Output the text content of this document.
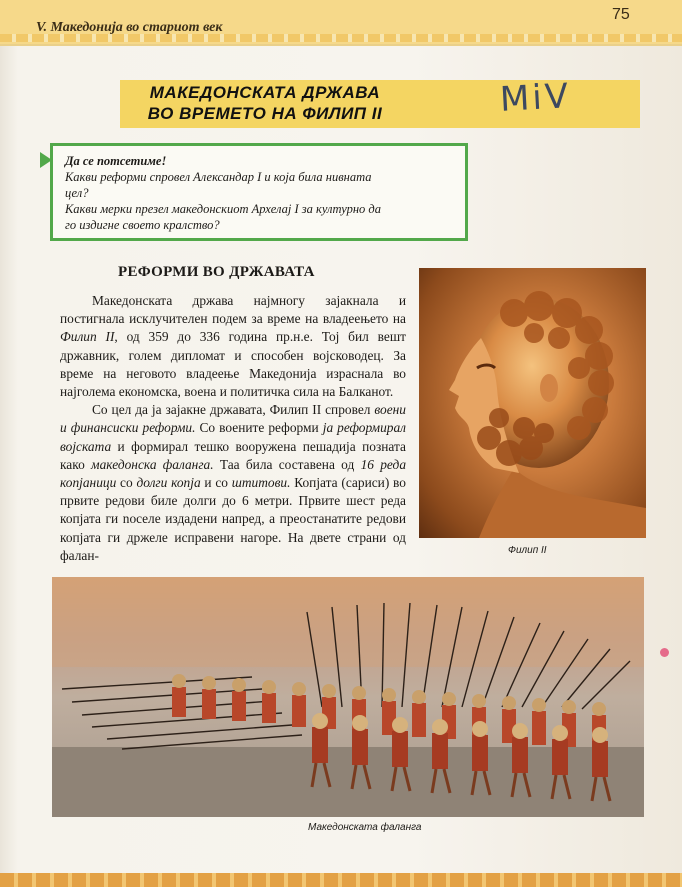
V. Македонија во стариот век
75
МАКЕДОНСКАТА ДРЖАВА
ВО ВРЕМЕТО НА ФИЛИП II	MiV
Да се потсетиме!
Какви реформи спровел Александар I и која била нивната
цел?
Какви мерки презел македонскиот Архелај I за културно да
го издигне своето кралство?
РЕФОРМИ ВО ДРЖАВАТА

Македонската држава најмногу зајакнала и постигнала исклучителен подем за време на владеењето на Филип II, од 359 до 336 година пр.н.е. Тој бил вешт државник, голем дипломат и способен војсководец. За време на неговото владеење Македонија израснала во најголема економска, воена и политичка сила на Балканот.

Со цел да ја зајакне државата, Филип II спровел воени и финансиски реформи. Со воените реформи ја реформирал војската и формирал тешко вооружена пешадија позната како македонска фаланга. Таа била составена од 16 реда копјаници со долги копја и со штитови. Копјата (сариси) во првите редови биле долги до 6 метри. Првите шест реда копјата ги noceле издадени напред, а преостанатите редови копјата ги држеле исправени нагоре. На двете страни од фалан-	Филип II
Македонската фаланга
